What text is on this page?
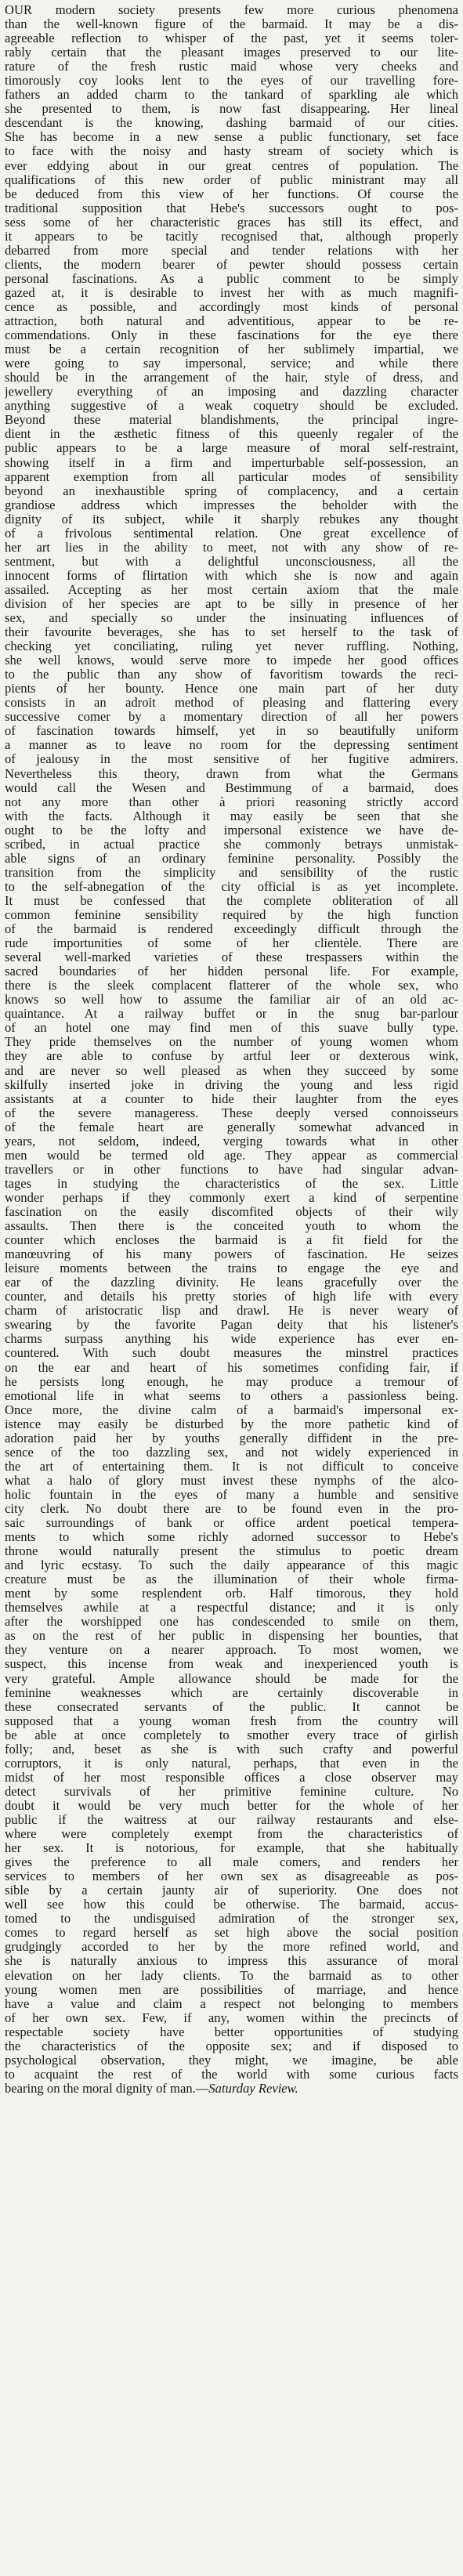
OUR modern society presents few more curious phenomena
than the well-known figure of the barmaid. It may be a dis-
agreeable reflection to whisper of the past, yet it seems toler-
rably certain that the pleasant images preserved to our lite-
rature of the fresh rustic maid whose very cheeks and
timorously coy looks lent to the eyes of our travelling fore-
fathers an added charm to the tankard of sparkling ale which
she presented to them, is now fast disappearing. Her lineal
descendant is the knowing, dashing barmaid of our cities.
She has become in a new sense a public functionary, set face
to face with the noisy and hasty stream of society which is
ever eddying about in our great centres of population. The
qualifications of this new order of public ministrant may all
be deduced from this view of her functions. Of course the
traditional supposition that Hebe's successors ought to pos-
sess some of her characteristic graces has still its effect, and
it appears to be tacitly recognised that, although properly
debarred from more special and tender relations with her
clients, the modern bearer of pewter should possess certain
personal fascinations. As a public comment to be simply
gazed at, it is desirable to invest her with as much magnifi-
cence as possible, and accordingly most kinds of personal
attraction, both natural and adventitious, appear to be re-
commendations. Only in these fascinations for the eye there
must be a certain recognition of her sublimely impartial, we
were going to say impersonal, service; and while there
should be in the arrangement of the hair, style of dress, and
jewellery everything of an imposing and dazzling character
anything suggestive of a weak coquetry should be excluded.
Beyond these material blandishments, the principal ingre-
dient in the æsthetic fitness of this queenly regaler of the
public appears to be a large measure of moral self-restraint,
showing itself in a firm and imperturbable self-possession, an
apparent exemption from all particular modes of sensibility
beyond an inexhaustible spring of complacency, and a certain
grandiose address which impresses the beholder with the
dignity of its subject, while it sharply rebukes any thought
of a frivolous sentimental relation. One great excellence of
her art lies in the ability to meet, not with any show of re-
sentment, but with a delightful unconsciousness, all the
innocent forms of flirtation with which she is now and again
assailed. Accepting as her most certain axiom that the male
division of her species are apt to be silly in presence of her
sex, and specially so under the insinuating influences of
their favourite beverages, she has to set herself to the task of
checking yet conciliating, ruling yet never ruffling. Nothing,
she well knows, would serve more to impede her good offices
to the public than any show of favoritism towards the reci-
pients of her bounty. Hence one main part of her duty
consists in an adroit method of pleasing and flattering every
successive comer by a momentary direction of all her powers
of fascination towards himself, yet in so beautifully uniform
a manner as to leave no room for the depressing sentiment
of jealousy in the most sensitive of her fugitive admirers.
Nevertheless this theory, drawn from what the Germans
would call the Wesen and Bestimmung of a barmaid, does
not any more than other à priori reasoning strictly accord
with the facts. Although it may easily be seen that she
ought to be the lofty and impersonal existence we have de-
scribed, in actual practice she commonly betrays unmistak-
able signs of an ordinary feminine personality. Possibly the
transition from the simplicity and sensibility of the rustic
to the self-abnegation of the city official is as yet incomplete.
It must be confessed that the complete obliteration of all
common feminine sensibility required by the high function
of the barmaid is rendered exceedingly difficult through the
rude importunities of some of her clientèle. There are
several well-marked varieties of these trespassers within the
sacred boundaries of her hidden personal life. For example,
there is the sleek complacent flatterer of the whole sex, who
knows so well how to assume the familiar air of an old ac-
quaintance. At a railway buffet or in the snug bar-parlour
of an hotel one may find men of this suave bully type.
They pride themselves on the number of young women whom
they are able to confuse by artful leer or dexterous wink,
and are never so well pleased as when they succeed by some
skilfully inserted joke in driving the young and less rigid
assistants at a counter to hide their laughter from the eyes
of the severe manageress. These deeply versed connoisseurs
of the female heart are generally somewhat advanced in
years, not seldom, indeed, verging towards what in other
men would be termed old age. They appear as commercial
travellers or in other functions to have had singular advan-
tages in studying the characteristics of the sex. Little
wonder perhaps if they commonly exert a kind of serpentine
fascination on the easily discomfited objects of their wily
assaults. Then there is the conceited youth to whom the
counter which encloses the barmaid is a fit field for the
manœuvring of his many powers of fascination. He seizes
leisure moments between the trains to engage the eye and
ear of the dazzling divinity. He leans gracefully over the
counter, and details his pretty stories of high life with every
charm of aristocratic lisp and drawl. He is never weary of
swearing by the favorite Pagan deity that his listener's
charms surpass anything his wide experience has ever en-
countered. With such doubt measures the minstrel practices
on the ear and heart of his sometimes confiding fair, if
he persists long enough, he may produce a tremour of
emotional life in what seems to others a passionless being.
Once more, the divine calm of a barmaid's impersonal ex-
istence may easily be disturbed by the more pathetic kind of
adoration paid her by youths generally diffident in the pre-
sence of the too dazzling sex, and not widely experienced in
the art of entertaining them. It is not difficult to conceive
what a halo of glory must invest these nymphs of the alco-
holic fountain in the eyes of many a humble and sensitive
city clerk. No doubt there are to be found even in the pro-
saic surroundings of bank or office ardent poetical tempera-
ments to which some richly adorned successor to Hebe's
throne would naturally present the stimulus to poetic dream
and lyric ecstasy. To such the daily appearance of this magic
creature must be as the illumination of their whole firma-
ment by some resplendent orb. Half timorous, they hold
themselves awhile at a respectful distance; and it is only
after the worshipped one has condescended to smile on them,
as on the rest of her public in dispensing her bounties, that
they venture on a nearer approach. To most women, we
suspect, this incense from weak and inexperienced youth is
very grateful. Ample allowance should be made for the
feminine weaknesses which are certainly discoverable in
these consecrated servants of the public. It cannot be
supposed that a young woman fresh from the country will
be able at once completely to smother every trace of girlish
folly; and, beset as she is with such crafty and powerful
corruptors, it is only natural, perhaps, that even in the
midst of her most responsible offices a close observer may
detect survivals of her primitive feminine culture. No
doubt it would be very much better for the whole of her
public if the waitress at our railway restaurants and else-
where were completely exempt from the characteristics of
her sex. It is notorious, for example, that she habitually
gives the preference to all male comers, and renders her
services to members of her own sex as disagreeable as pos-
sible by a certain jaunty air of superiority. One does not
well see how this could be otherwise. The barmaid, accus-
tomed to the undisguised admiration of the stronger sex,
comes to regard herself as set high above the social position
grudgingly accorded to her by the more refined world, and
she is naturally anxious to impress this assurance of moral
elevation on her lady clients. To the barmaid as to other
young women men are possibilities of marriage, and hence
have a value and claim a respect not belonging to members
of her own sex. Few, if any, women within the precincts of
respectable society have better opportunities of studying
the characteristics of the opposite sex; and if disposed to
psychological observation, they might, we imagine, be able
to acquaint the rest of the world with some curious facts
bearing on the moral dignity of man.—Saturday Review.
